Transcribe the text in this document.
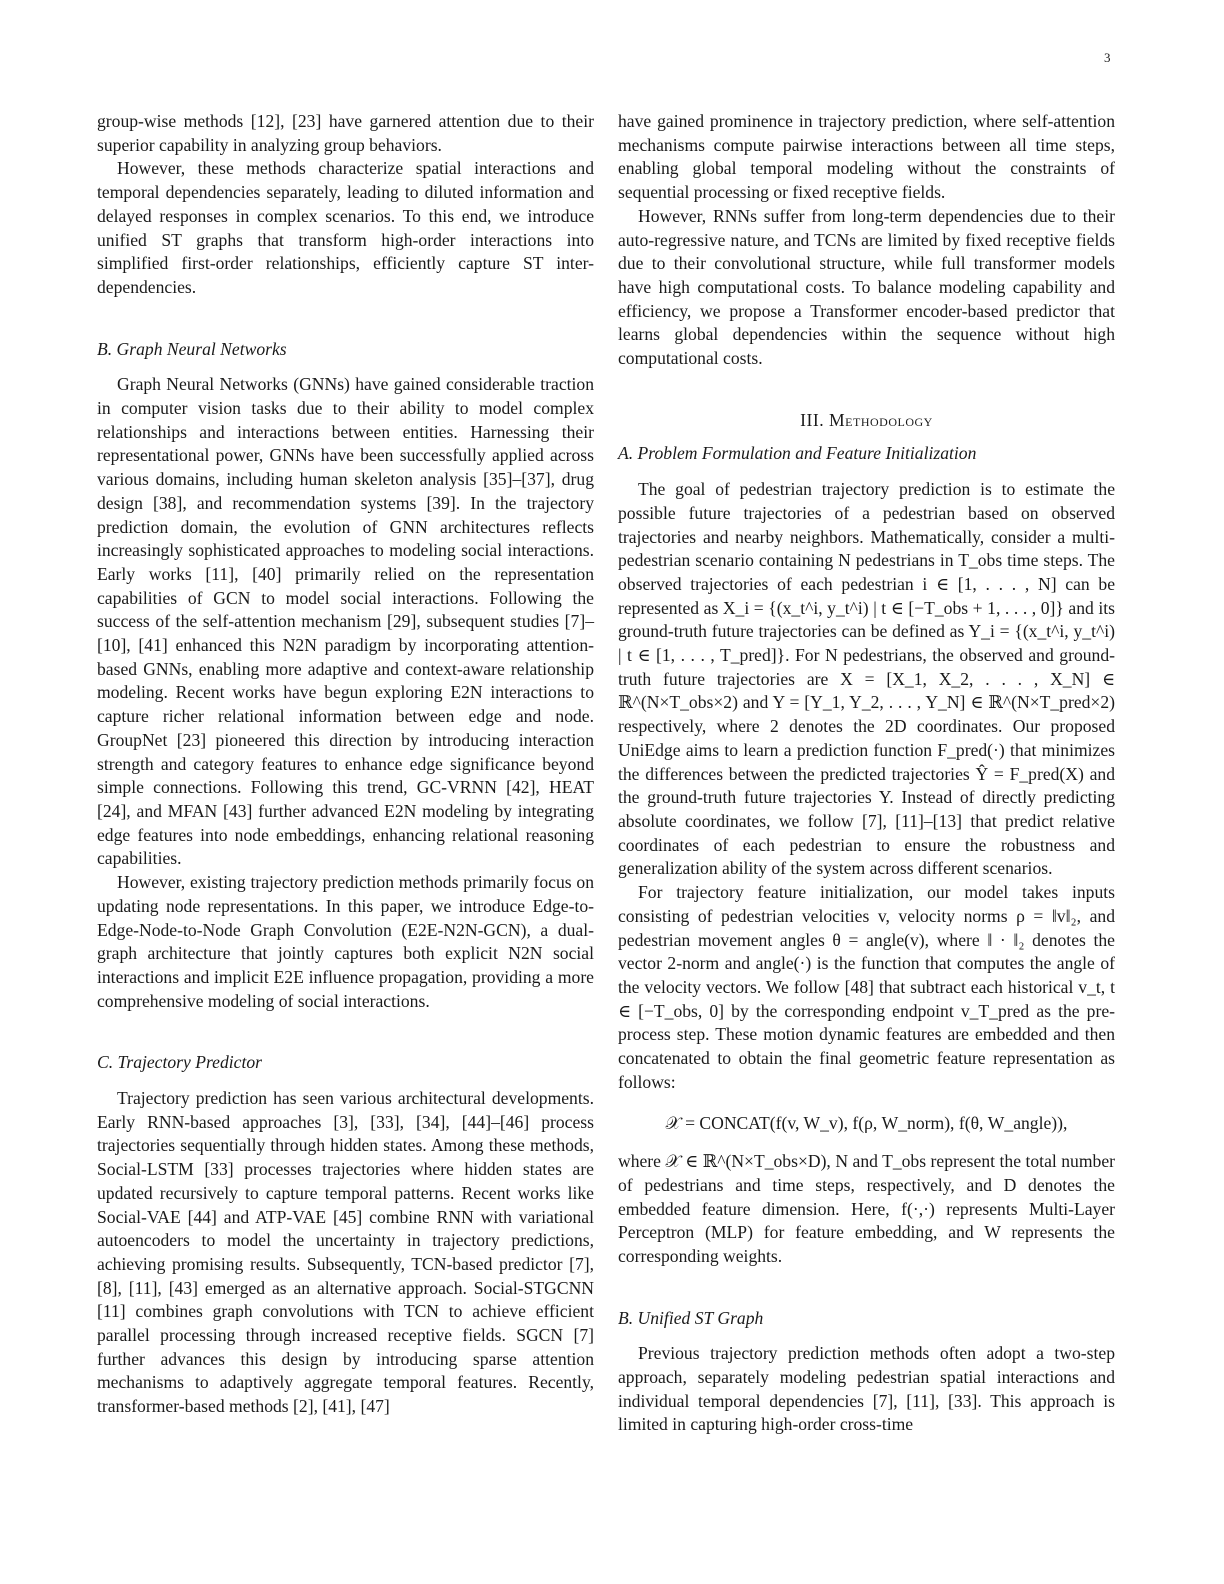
3

group-wise methods [12], [23] have garnered attention due to their superior capability in analyzing group behaviors.

However, these methods characterize spatial interactions and temporal dependencies separately, leading to diluted information and delayed responses in complex scenarios. To this end, we introduce unified ST graphs that transform high-order interactions into simplified first-order relationships, efficiently capture ST inter-dependencies.

B. Graph Neural Networks

Graph Neural Networks (GNNs) have gained considerable traction in computer vision tasks due to their ability to model complex relationships and interactions between entities. Harnessing their representational power, GNNs have been successfully applied across various domains, including human skeleton analysis [35]–[37], drug design [38], and recommendation systems [39]. In the trajectory prediction domain, the evolution of GNN architectures reflects increasingly sophisticated approaches to modeling social interactions. Early works [11], [40] primarily relied on the representation capabilities of GCN to model social interactions. Following the success of the self-attention mechanism [29], subsequent studies [7]–[10], [41] enhanced this N2N paradigm by incorporating attention-based GNNs, enabling more adaptive and context-aware relationship modeling. Recent works have begun exploring E2N interactions to capture richer relational information between edge and node. GroupNet [23] pioneered this direction by introducing interaction strength and category features to enhance edge significance beyond simple connections. Following this trend, GC-VRNN [42], HEAT [24], and MFAN [43] further advanced E2N modeling by integrating edge features into node embeddings, enhancing relational reasoning capabilities.

However, existing trajectory prediction methods primarily focus on updating node representations. In this paper, we introduce Edge-to-Edge-Node-to-Node Graph Convolution (E2E-N2N-GCN), a dual-graph architecture that jointly captures both explicit N2N social interactions and implicit E2E influence propagation, providing a more comprehensive modeling of social interactions.

C. Trajectory Predictor

Trajectory prediction has seen various architectural developments. Early RNN-based approaches [3], [33], [34], [44]–[46] process trajectories sequentially through hidden states. Among these methods, Social-LSTM [33] processes trajectories where hidden states are updated recursively to capture temporal patterns. Recent works like Social-VAE [44] and ATP-VAE [45] combine RNN with variational autoencoders to model the uncertainty in trajectory predictions, achieving promising results. Subsequently, TCN-based predictor [7], [8], [11], [43] emerged as an alternative approach. Social-STGCNN [11] combines graph convolutions with TCN to achieve efficient parallel processing through increased receptive fields. SGCN [7] further advances this design by introducing sparse attention mechanisms to adaptively aggregate temporal features. Recently, transformer-based methods [2], [41], [47]

have gained prominence in trajectory prediction, where self-attention mechanisms compute pairwise interactions between all time steps, enabling global temporal modeling without the constraints of sequential processing or fixed receptive fields.

However, RNNs suffer from long-term dependencies due to their auto-regressive nature, and TCNs are limited by fixed receptive fields due to their convolutional structure, while full transformer models have high computational costs. To balance modeling capability and efficiency, we propose a Transformer encoder-based predictor that learns global dependencies within the sequence without high computational costs.

III. Methodology
A. Problem Formulation and Feature Initialization

The goal of pedestrian trajectory prediction is to estimate the possible future trajectories of a pedestrian based on observed trajectories and nearby neighbors. Mathematically, consider a multi-pedestrian scenario containing N pedestrians in T_obs time steps. The observed trajectories of each pedestrian i ∈ [1, . . . , N] can be represented as X_i = {(x_t^i, y_t^i) | t ∈ [−T_obs + 1, . . . , 0]} and its ground-truth future trajectories can be defined as Y_i = {(x_t^i, y_t^i) | t ∈ [1, . . . , T_pred]}. For N pedestrians, the observed and ground-truth future trajectories are X = [X_1, X_2, . . . , X_N] ∈ ℝ^(N×T_obs×2) and Y = [Y_1, Y_2, . . . , Y_N] ∈ ℝ^(N×T_pred×2) respectively, where 2 denotes the 2D coordinates. Our proposed UniEdge aims to learn a prediction function F_pred(·) that minimizes the differences between the predicted trajectories Ŷ = F_pred(X) and the ground-truth future trajectories Y. Instead of directly predicting absolute coordinates, we follow [7], [11]–[13] that predict relative coordinates of each pedestrian to ensure the robustness and generalization ability of the system across different scenarios.

For trajectory feature initialization, our model takes inputs consisting of pedestrian velocities v, velocity norms ρ = ‖v‖₂, and pedestrian movement angles θ = angle(v), where ‖ · ‖₂ denotes the vector 2-norm and angle(·) is the function that computes the angle of the velocity vectors. We follow [48] that subtract each historical v_t, t ∈ [−T_obs, 0] by the corresponding endpoint v_T_pred as the pre-process step. These motion dynamic features are embedded and then concatenated to obtain the final geometric feature representation as follows:

𝒳 = CONCAT(f(v, W_v), f(ρ, W_norm), f(θ, W_angle)),

where 𝒳 ∈ ℝ^(N×T_obs×D), N and T_obs represent the total number of pedestrians and time steps, respectively, and D denotes the embedded feature dimension. Here, f(·,·) represents Multi-Layer Perceptron (MLP) for feature embedding, and W represents the corresponding weights.

B. Unified ST Graph

Previous trajectory prediction methods often adopt a two-step approach, separately modeling pedestrian spatial interactions and individual temporal dependencies [7], [11], [33]. This approach is limited in capturing high-order cross-time
